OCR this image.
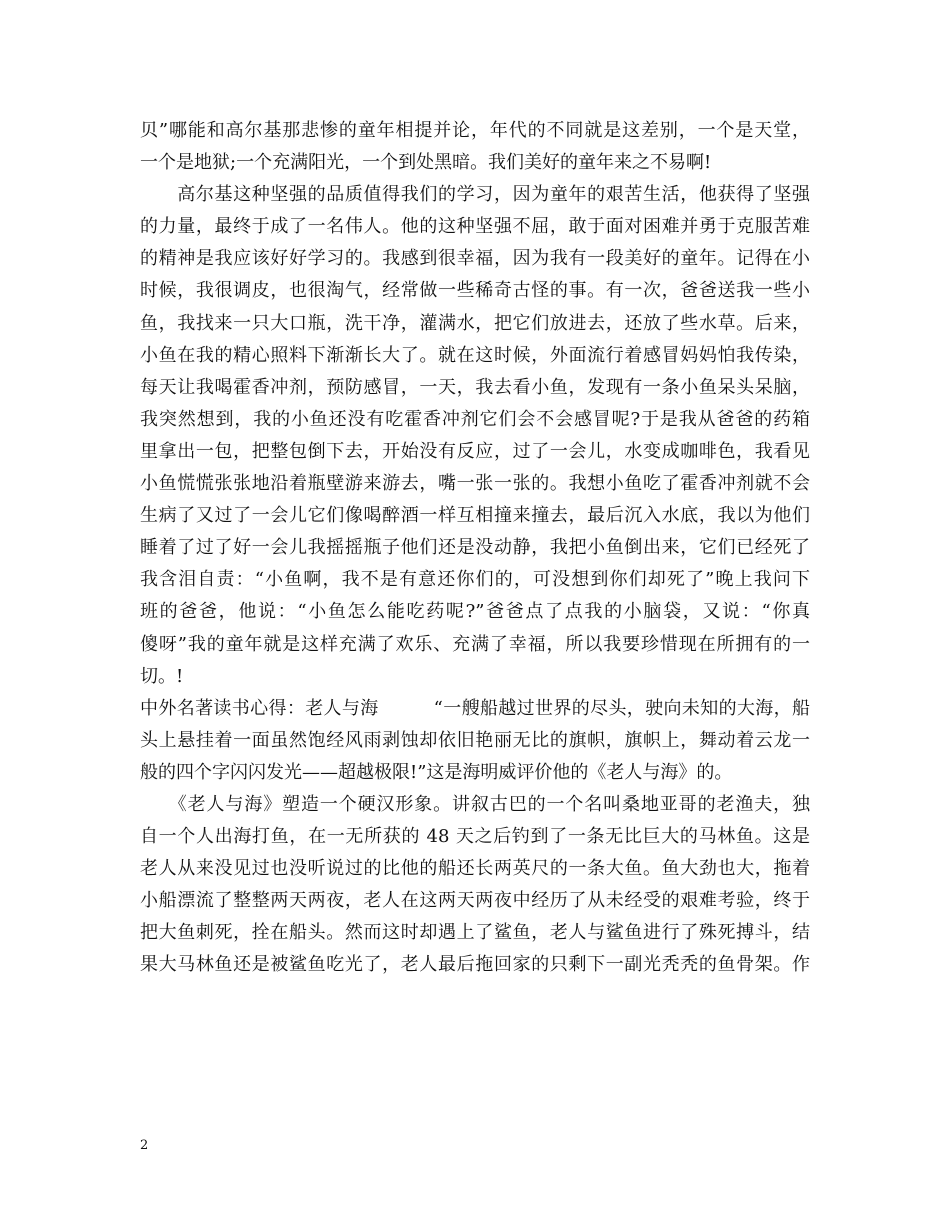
贝”哪能和高尔基那悲惨的童年相提并论，年代的不同就是这差别，一个是天堂，
一个是地狱;一个充满阳光，一个到处黑暗。我们美好的童年来之不易啊!
　　高尔基这种坚强的品质值得我们的学习，因为童年的艰苦生活，他获得了坚强
的力量，最终于成了一名伟人。他的这种坚强不屈，敢于面对困难并勇于克服苦难
的精神是我应该好好学习的。我感到很幸福，因为我有一段美好的童年。记得在小
时候，我很调皮，也很淘气，经常做一些稀奇古怪的事。有一次，爸爸送我一些小
鱼，我找来一只大口瓶，洗干净，灌满水，把它们放进去，还放了些水草。后来，
小鱼在我的精心照料下渐渐长大了。就在这时候，外面流行着感冒妈妈怕我传染，
每天让我喝霍香冲剂，预防感冒，一天，我去看小鱼，发现有一条小鱼呆头呆脑，
我突然想到，我的小鱼还没有吃霍香冲剂它们会不会感冒呢?于是我从爸爸的药箱
里拿出一包，把整包倒下去，开始没有反应，过了一会儿，水变成咖啡色，我看见
小鱼慌慌张张地沿着瓶壁游来游去，嘴一张一张的。我想小鱼吃了霍香冲剂就不会
生病了又过了一会儿它们像喝醉酒一样互相撞来撞去，最后沉入水底，我以为他们
睡着了过了好一会儿我摇摇瓶子他们还是没动静，我把小鱼倒出来，它们已经死了
我含泪自责：“小鱼啊，我不是有意还你们的，可没想到你们却死了”晚上我问下
班的爸爸，他说：“小鱼怎么能吃药呢?”爸爸点了点我的小脑袋，又说：“你真
傻呀”我的童年就是这样充满了欢乐、充满了幸福，所以我要珍惜现在所拥有的一
切。!
中外名著读书心得：老人与海　　　“一艘船越过世界的尽头，驶向未知的大海，船
头上悬挂着一面虽然饱经风雨剥蚀却依旧艳丽无比的旗帜，旗帜上，舞动着云龙一
般的四个字闪闪发光——超越极限!”这是海明威评价他的《老人与海》的。
　　《老人与海》塑造一个硬汉形象。讲叙古巴的一个名叫桑地亚哥的老渔夫，独
自一个人出海打鱼，在一无所获的 48 天之后钓到了一条无比巨大的马林鱼。这是
老人从来没见过也没听说过的比他的船还长两英尺的一条大鱼。鱼大劲也大，拖着
小船漂流了整整两天两夜，老人在这两天两夜中经历了从未经受的艰难考验，终于
把大鱼刺死，拴在船头。然而这时却遇上了鲨鱼，老人与鲨鱼进行了殊死搏斗，结
果大马林鱼还是被鲨鱼吃光了，老人最后拖回家的只剩下一副光秃秃的鱼骨架。作
2
